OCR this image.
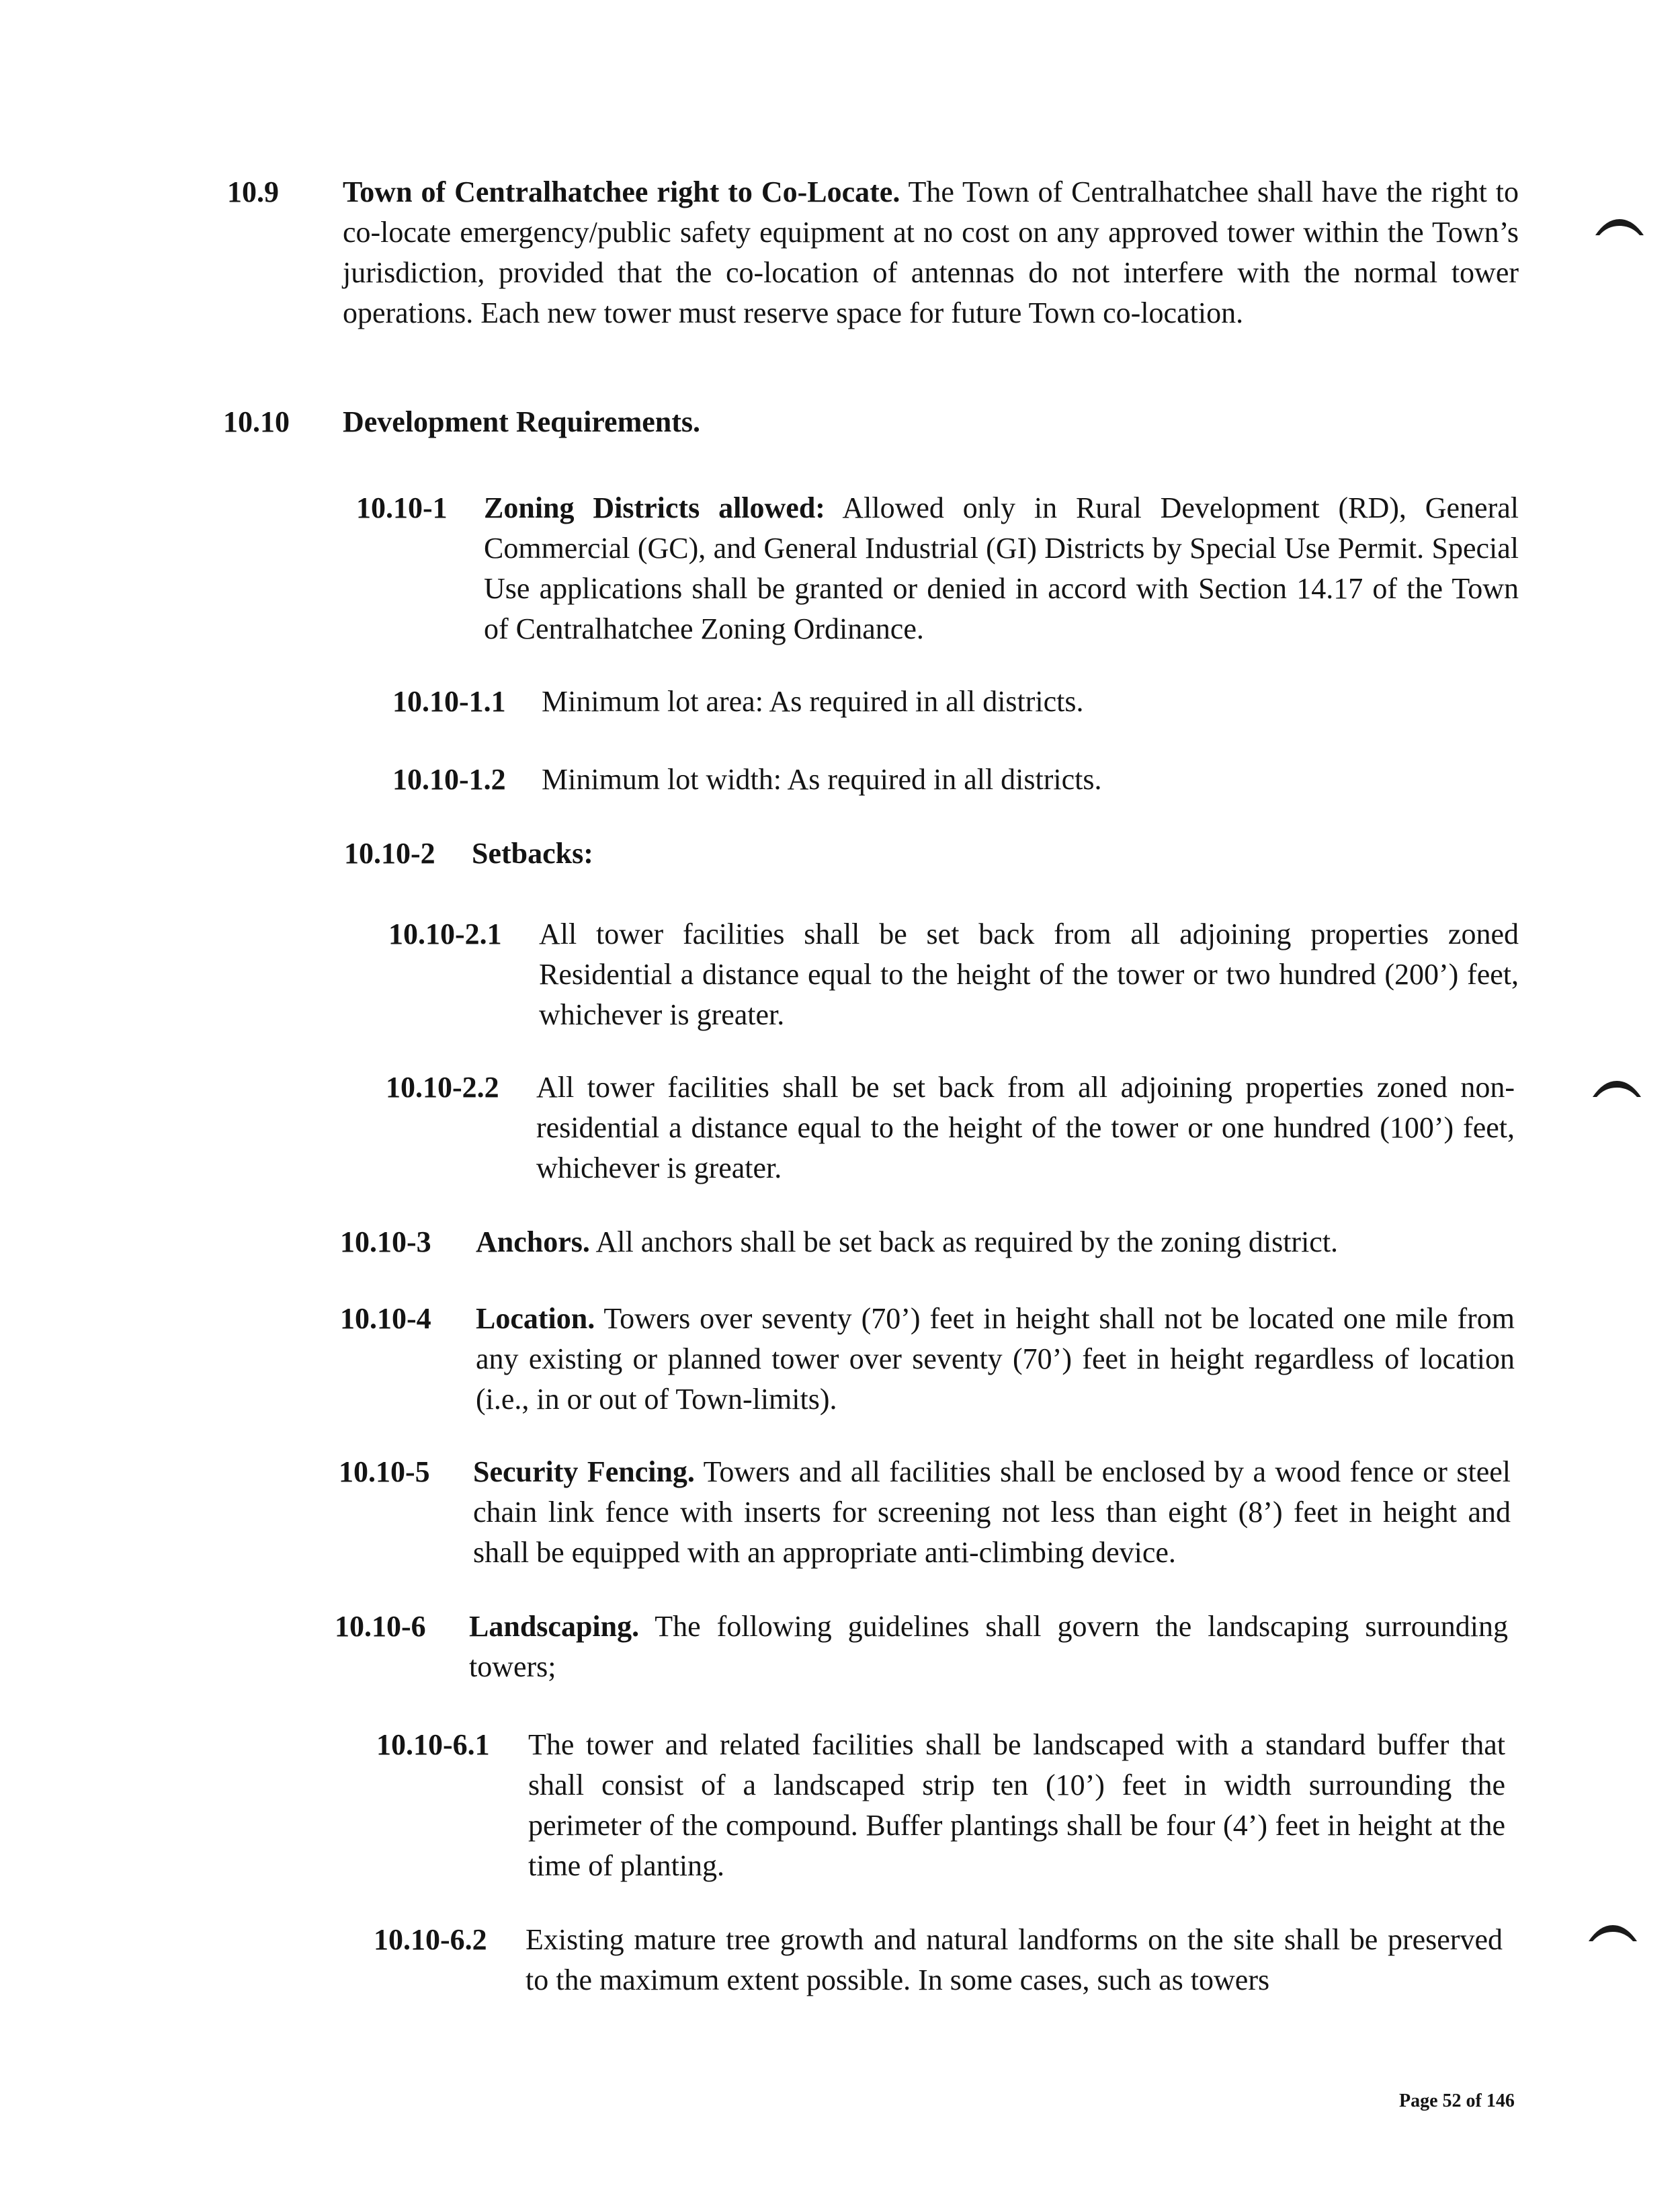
10.9 Town of Centralhatchee right to Co-Locate. The Town of Centralhatchee shall have the right to co-locate emergency/public safety equipment at no cost on any approved tower within the Town’s jurisdiction, provided that the co-location of antennas do not interfere with the normal tower operations. Each new tower must reserve space for future Town co-location.
10.10 Development Requirements.
10.10-1 Zoning Districts allowed: Allowed only in Rural Development (RD), General Commercial (GC), and General Industrial (GI) Districts by Special Use Permit. Special Use applications shall be granted or denied in accord with Section 14.17 of the Town of Centralhatchee Zoning Ordinance.
10.10-1.1 Minimum lot area: As required in all districts.
10.10-1.2 Minimum lot width: As required in all districts.
10.10-2 Setbacks:
10.10-2.1 All tower facilities shall be set back from all adjoining properties zoned Residential a distance equal to the height of the tower or two hundred (200’) feet, whichever is greater.
10.10-2.2 All tower facilities shall be set back from all adjoining properties zoned non-residential a distance equal to the height of the tower or one hundred (100’) feet, whichever is greater.
10.10-3 Anchors. All anchors shall be set back as required by the zoning district.
10.10-4 Location. Towers over seventy (70’) feet in height shall not be located one mile from any existing or planned tower over seventy (70’) feet in height regardless of location (i.e., in or out of Town-limits).
10.10-5 Security Fencing. Towers and all facilities shall be enclosed by a wood fence or steel chain link fence with inserts for screening not less than eight (8’) feet in height and shall be equipped with an appropriate anti-climbing device.
10.10-6 Landscaping. The following guidelines shall govern the landscaping surrounding towers;
10.10-6.1 The tower and related facilities shall be landscaped with a standard buffer that shall consist of a landscaped strip ten (10’) feet in width surrounding the perimeter of the compound. Buffer plantings shall be four (4’) feet in height at the time of planting.
10.10-6.2 Existing mature tree growth and natural landforms on the site shall be preserved to the maximum extent possible. In some cases, such as towers
Page 52 of 146
